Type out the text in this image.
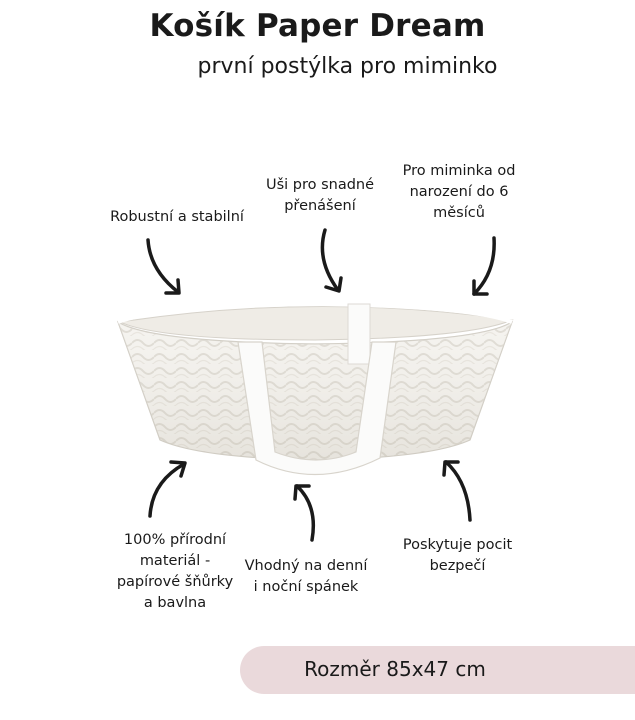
Košík Paper Dream
první postýlka pro miminko
Robustní a stabilní
Uši pro snadné
přenášení
Pro miminka od
narození do 6
měsíců
100% přírodní
materiál -
papírové šňůrky
a bavlna
Vhodný na denní
i noční spánek
Poskytuje pocit
bezpečí
Rozměr 85x47 cm
